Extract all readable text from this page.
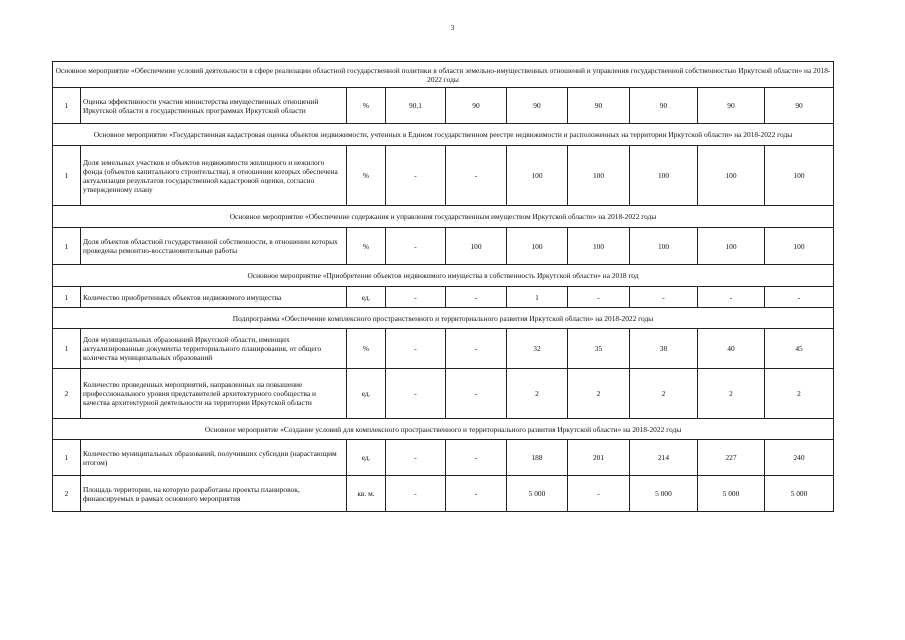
3
Основное мероприятие «Обеспечение условий деятельности в сфере реализации областной государственной политики в области земельно-имущественных отношений и управления государственной собственностью Иркутской области» на 2018-2022 годы									
1	Оценка эффективности участия министерства имущественных отношений Иркутской области в государственных программах Иркутской области	%	90,1	90	90	90	90	90	90
Основное мероприятие «Государственная кадастровая оценка объектов недвижимости, учтенных в Едином государственном реестре недвижимости и расположенных на территории Иркутской области» на 2018-2022 годы									
1	Доля земельных участков и объектов недвижимости жилищного и нежилого фонда (объектов капитального строительства), в отношении которых обеспечена актуализация результатов государственной кадастровой оценки, согласно утвержденному плану	%	-	-	100	100	100	100	100
Основное мероприятие «Обеспечение содержания и управления государственным имуществом Иркутской области» на 2018-2022 годы									
1	Доля объектов областной государственной собственности, в отношении которых проведены ремонтно-восстановительные работы	%	-	100	100	100	100	100	100
Основное мероприятие «Приобретение объектов недвижимого имущества в собственность Иркутской области» на 2018 год									
1	Количество приобретенных объектов недвижимого имущества	ед.	-	-	1	-	-	-	-
Подпрограмма «Обеспечение комплексного пространственного и территориального развития Иркутской области» на 2018-2022 годы									
1	Доля муниципальных образований Иркутской области, имеющих актуализированные документы территориального планирования, от общего количества муниципальных образований	%	-	-	32	35	38	40	45
2	Количество проведенных мероприятий, направленных на повышение профессионального уровня представителей архитектурного сообщества и качества архитектурной деятельности на территории Иркутской области	ед.	-	-	2	2	2	2	2
Основное мероприятие «Создание условий для комплексного пространственного и территориального развития Иркутской области» на 2018-2022 годы									
1	Количество муниципальных образований, получивших субсидии (нарастающим итогом)	ед.	-	-	188	201	214	227	240
2	Площадь территории, на которую разработаны проекты планировок, финансируемых в рамках основного мероприятия	кв. м.	-	-	5 000	-	5 000	5 000	5 000
